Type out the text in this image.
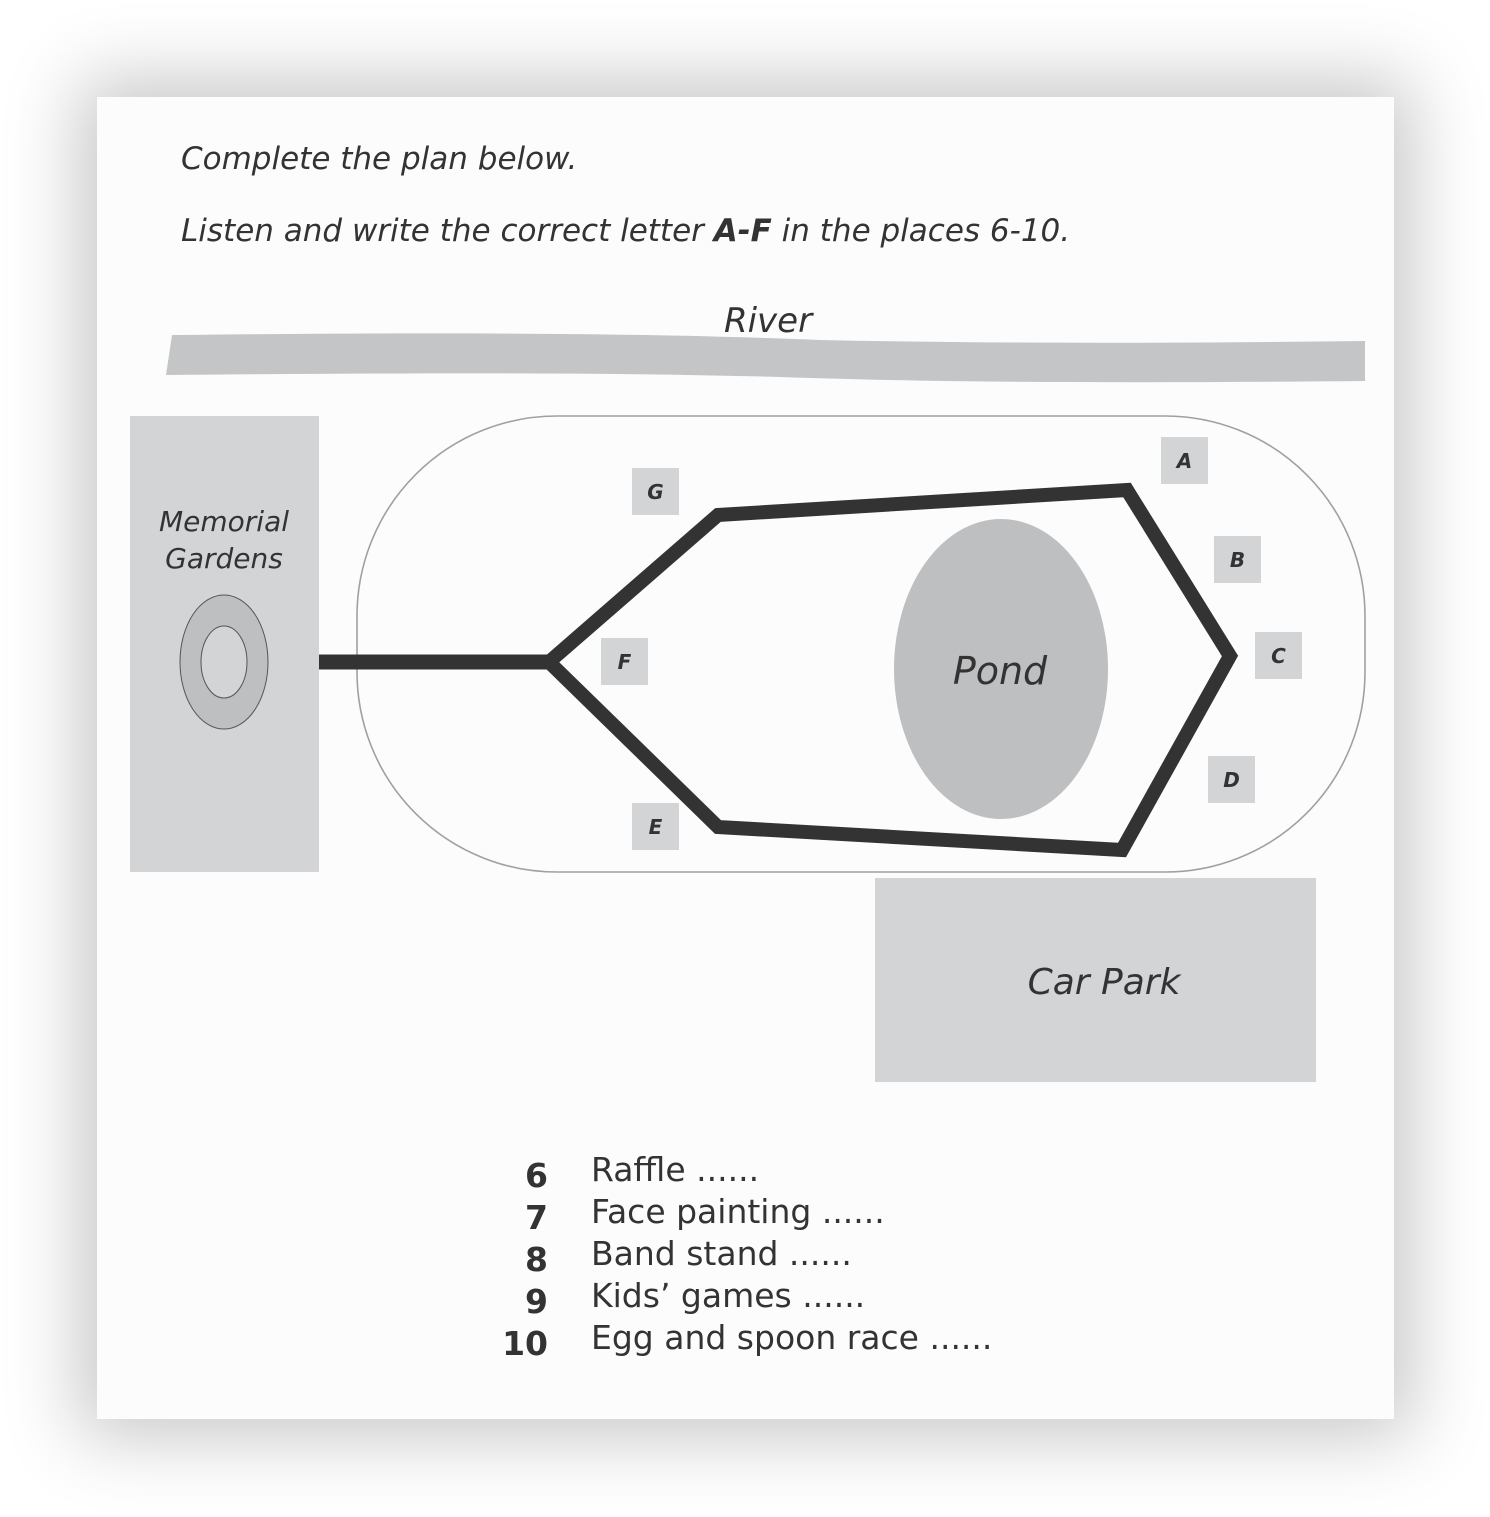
Complete the plan below.
Listen and write the correct letter A-F in the places 6-10.
River
Memorial
Gardens
Pond
A
B
C
D
E
F
G
Car Park
6 Raffle ......
7 Face painting ......
8 Band stand ......
9 Kids’ games ......
10 Egg and spoon race ......
